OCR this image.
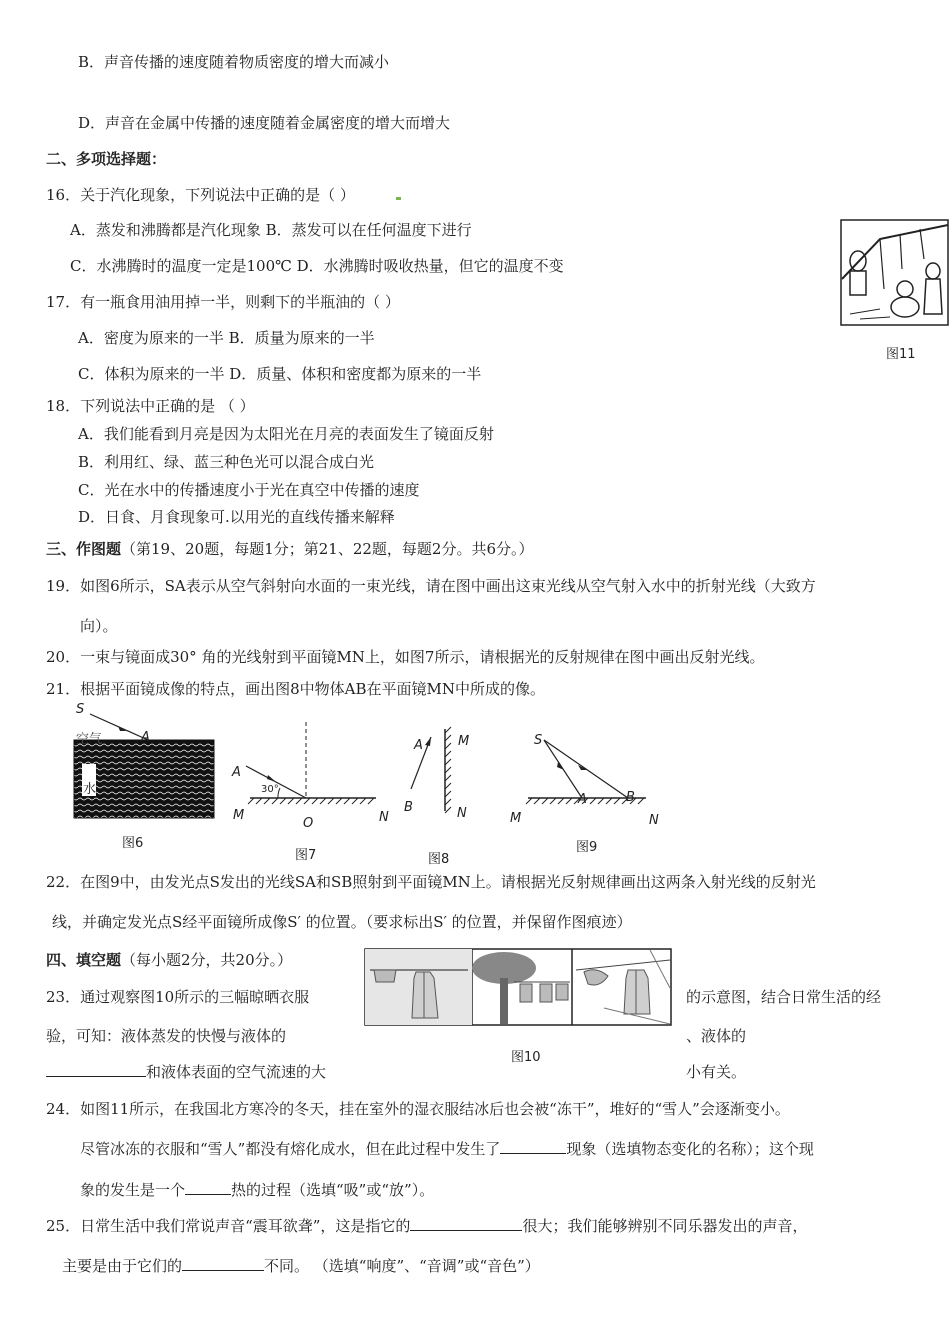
B．声音传播的速度随着物质密度的增大而减小
D．声音在金属中传播的速度随着金属密度的增大而增大
二、多项选择题：
16．关于汽化现象，下列说法中正确的是（ ）
A．蒸发和沸腾都是汽化现象 B．蒸发可以在任何温度下进行
C．水沸腾时的温度一定是100℃ D．水沸腾时吸收热量，但它的温度不变
17．有一瓶食用油用掉一半，则剩下的半瓶油的（ ）
A．密度为原来的一半 B．质量为原来的一半
C．体积为原来的一半 D．质量、体积和密度都为原来的一半
18．下列说法中正确的是 （ ）
A．我们能看到月亮是因为太阳光在月亮的表面发生了镜面反射
B．利用红、绿、蓝三种色光可以混合成白光
C．光在水中的传播速度小于光在真空中传播的速度
D．日食、月食现象可.以用光的直线传播来解释
三、作图题（第19、20题，每题1分；第21、22题，每题2分。共6分。）
19．如图6所示，SA表示从空气斜射向水面的一束光线，请在图中画出这束光线从空气射入水中的折射光线（大致方
向）。
20．一束与镜面成30° 角的光线射到平面镜MN上，如图7所示，请根据光的反射规律在图中画出反射光线。
21．根据平面镜成像的特点，画出图8中物体AB在平面镜MN中所成的像。
图11
S
空气	A
水
图6
A
30°
M
O	N
图7
A	M
B	N
图8
S
A	B
M	N
图9
22．在图9中，由发光点S发出的光线SA和SB照射到平面镜MN上。请根据光反射规律画出这两条入射光线的反射光
线，并确定发光点S经平面镜所成像S′ 的位置。（要求标出S′ 的位置，并保留作图痕迹）
四、填空题（每小题2分，共20分。）
图10
23．通过观察图10所示的三幅晾晒衣服	的示意图，结合日常生活的经
验，可知：液体蒸发的快慢与液体的	、液体的
和液体表面的空气流速的大	小有关。
24．如图11所示，在我国北方寒冷的冬天，挂在室外的湿衣服结冰后也会被“冻干”，堆好的“雪人”会逐渐变小。
尽管冰冻的衣服和“雪人”都没有熔化成水，但在此过程中发生了	现象（选填物态变化的名称）；这个现
象的发生是一个	热的过程（选填“吸”或“放”）。
25．日常生活中我们常说声音“震耳欲聋”，这是指它的	很大；我们能够辨别不同乐器发出的声音，
主要是由于它们的	不同。 （选填“响度”、“音调”或“音色”）
